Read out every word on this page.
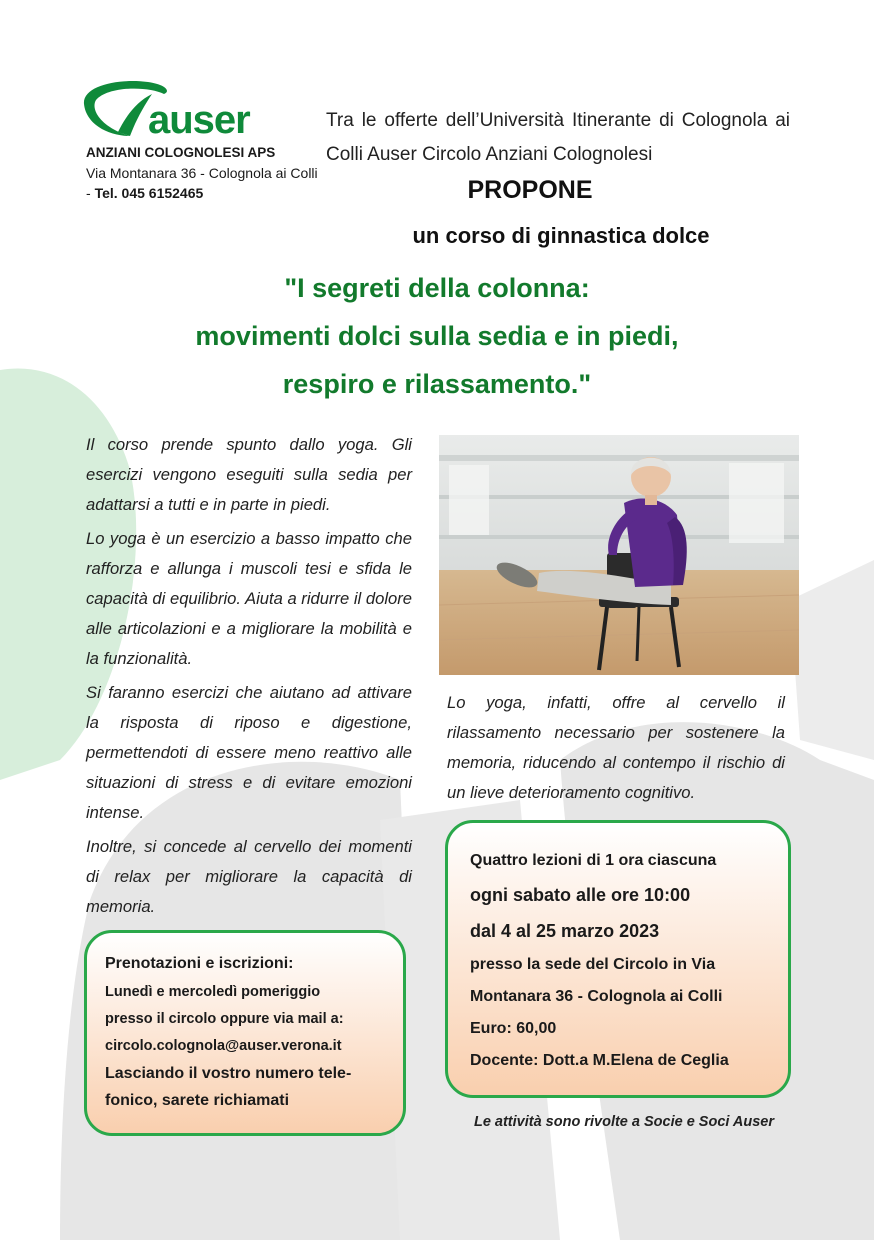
auser
ANZIANI COLOGNOLESI APS
Via Montanara 36 - Colognola ai Colli - Tel. 045 6152465
Tra le offerte dell’Università Itinerante di Colognola ai Colli Auser Circolo Anziani Colognolesi
PROPONE
un corso di ginnastica dolce
"I segreti della colonna:
movimenti dolci sulla sedia e in piedi,
respiro e rilassamento."

Il corso prende spunto dallo yoga. Gli esercizi vengono eseguiti sulla sedia per adattarsi a tutti e in parte in piedi.

Lo yoga è un esercizio a basso impatto che rafforza e allunga i muscoli tesi e sfida le capacità di equilibrio. Aiuta a ridurre il dolore alle articolazioni e a migliorare la mobilità e la funzionalità.

Si faranno esercizi che aiutano ad attivare la risposta di riposo e digestione, permettendoti di essere meno reattivo alle situazioni di stress e di evitare emozioni intense.

Inoltre, si concede al cervello dei momenti di relax per migliorare la capacità di memoria.

Lo yoga, infatti, offre al cervello il rilassamento necessario per sostenere la memoria, riducendo al contempo il rischio di un lieve deterioramento cognitivo.
Quattro lezioni di 1 ora ciascuna
ogni sabato alle ore 10:00
dal 4 al 25 marzo 2023
presso la sede del Circolo in Via
Montanara 36 - Colognola ai Colli
Euro: 60,00
Docente: Dott.a M.Elena de Ceglia
Prenotazioni e iscrizioni:
Lunedì e mercoledì pomeriggio
presso il circolo oppure via mail a:
circolo.colognola@auser.verona.it
Lasciando il vostro numero tele-
fonico, sarete richiamati
Le attività sono rivolte a Socie e Soci Auser
